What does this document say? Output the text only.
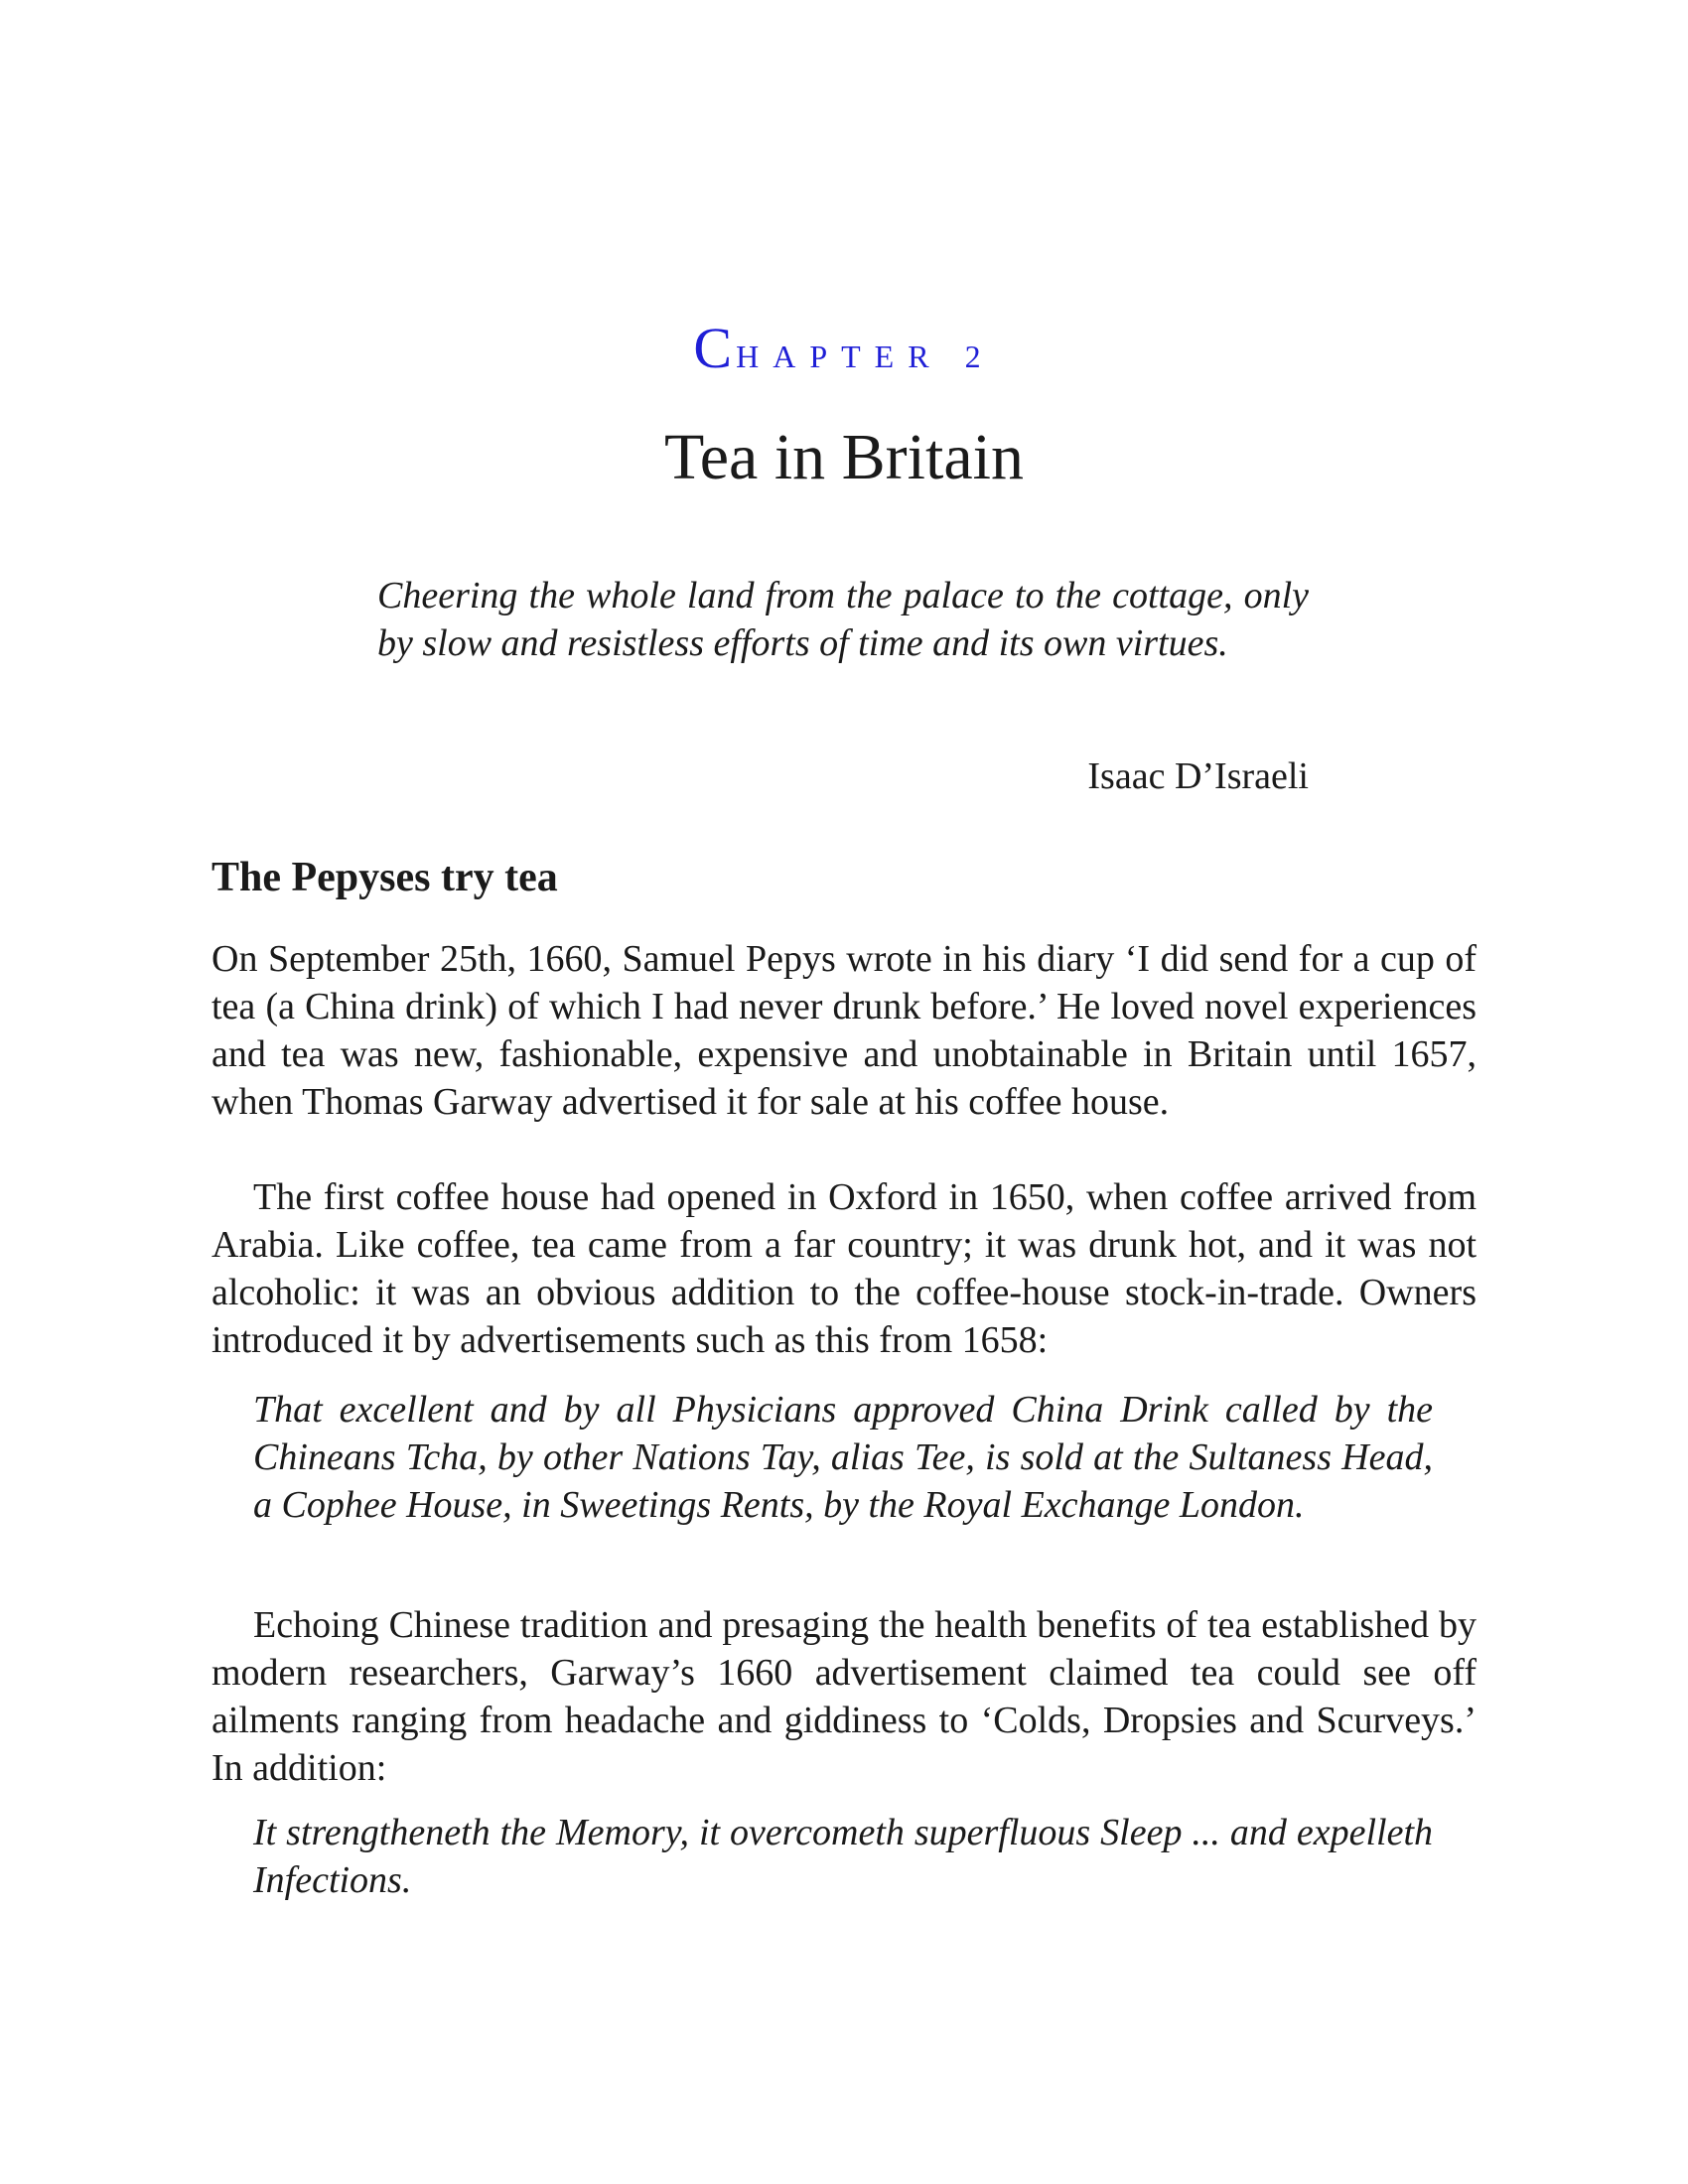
CHAPTER 2
Tea in Britain

Cheering the whole land from the palace to the cottage, only by slow and resistless efforts of time and its own virtues.

Isaac D’Israeli
The Pepyses try tea

On September 25th, 1660, Samuel Pepys wrote in his diary ‘I did send for a cup of tea (a China drink) of which I had never drunk before.’ He loved novel experiences and tea was new, fashionable, expensive and unobtainable in Britain until 1657, when Thomas Garway advertised it for sale at his coffee house.

The first coffee house had opened in Oxford in 1650, when coffee arrived from Arabia. Like coffee, tea came from a far country; it was drunk hot, and it was not alcoholic: it was an obvious addition to the coffee-house stock-in-trade. Owners introduced it by advertisements such as this from 1658:

That excellent and by all Physicians approved China Drink called by the Chineans Tcha, by other Nations Tay, alias Tee, is sold at the Sultaness Head, a Cophee House, in Sweetings Rents, by the Royal Exchange London.

Echoing Chinese tradition and presaging the health benefits of tea established by modern researchers, Garway’s 1660 advertisement claimed tea could see off ailments ranging from headache and giddiness to ‘Colds, Dropsies and Scurveys.’ In addition:

It strengtheneth the Memory, it overcometh superfluous Sleep ... and expelleth Infections.
